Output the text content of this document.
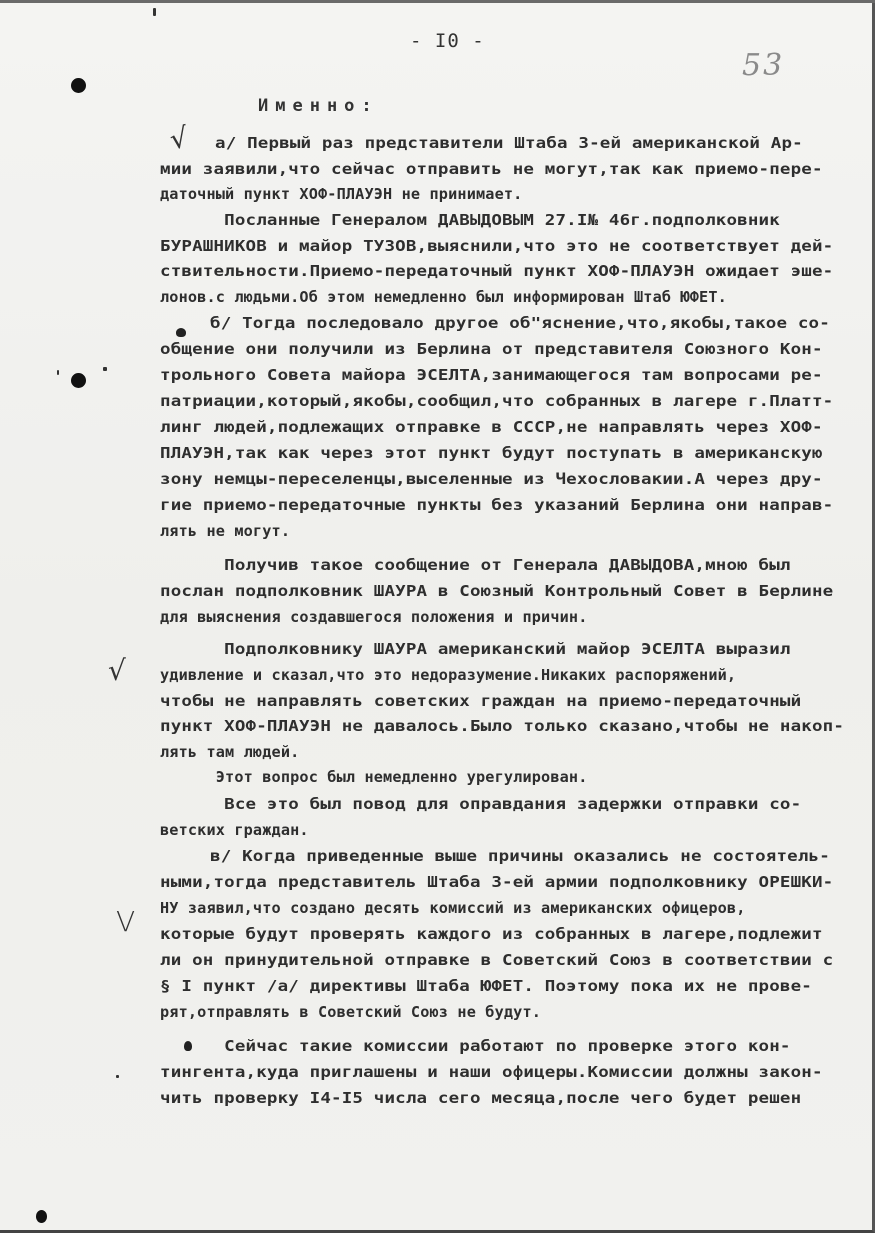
- I0 -
53
Именно:
√
√
V
а/ Первый раз представители Штаба 3-ей американской Ар-
мии заявили,что сейчас отправить не могут,так как приемо-пере-
даточный пункт ХОФ-ПЛАУЭН не принимает.
Посланные Генералом ДАВЫДОВЫМ 27.I№ 46г.подполковник
БУРАШНИКОВ и майор ТУЗОВ,выяснили,что это не соответствует дей-
ствительности.Приемо-передаточный пункт ХОФ-ПЛАУЭН ожидает эше-
лонов.с людьми.Об этом немедленно был информирован Штаб ЮФЕТ.
б/ Тогда последовало другое об"яснение,что,якобы,такое со-
общение они получили из Берлина от представителя Союзного Кон-
трольного Совета майора ЭСЕЛТА,занимающегося там вопросами ре-
патриации,который,якобы,сообщил,что собранных в лагере г.Платт-
линг людей,подлежащих отправке в СССР,не направлять через ХОФ-
ПЛАУЭН,так как через этот пункт будут поступать в американскую
зону немцы-переселенцы,выселенные из Чехословакии.А через дру-
гие приемо-передаточные пункты без указаний Берлина они направ-
лять не могут.
Получив такое сообщение от Генерала ДАВЫДОВА,мною был
послан подполковник ШАУРА в Союзный Контрольный Совет в Берлине
для выяснения создавшегося положения и причин.
Подполковнику ШАУРА американский майор ЭСЕЛТА выразил
удивление и сказал,что это недоразумение.Никаких распоряжений,
чтобы не направлять советских граждан на приемо-передаточный
пункт ХОФ-ПЛАУЭН не давалось.Было только сказано,чтобы не накоп-
лять там людей.
Этот вопрос был немедленно урегулирован.
Все это был повод для оправдания задержки отправки со-
ветских граждан.
в/ Когда приведенные выше причины оказались не состоятель-
ными,тогда представитель Штаба 3-ей армии подполковнику ОРЕШКИ-
НУ заявил,что создано десять комиссий из американских офицеров,
которые будут проверять каждого из собранных в лагере,подлежит
ли он принудительной отправке в Советский Союз в соответствии с
§ I пункт /а/ директивы Штаба ЮФЕТ. Поэтому пока их не прове-
рят,отправлять в Советский Союз не будут.
Сейчас такие комиссии работают по проверке этого кон-
тингента,куда приглашены и наши офицеры.Комиссии должны закон-
чить проверку I4-I5 числа сего месяца,после чего будет решен
